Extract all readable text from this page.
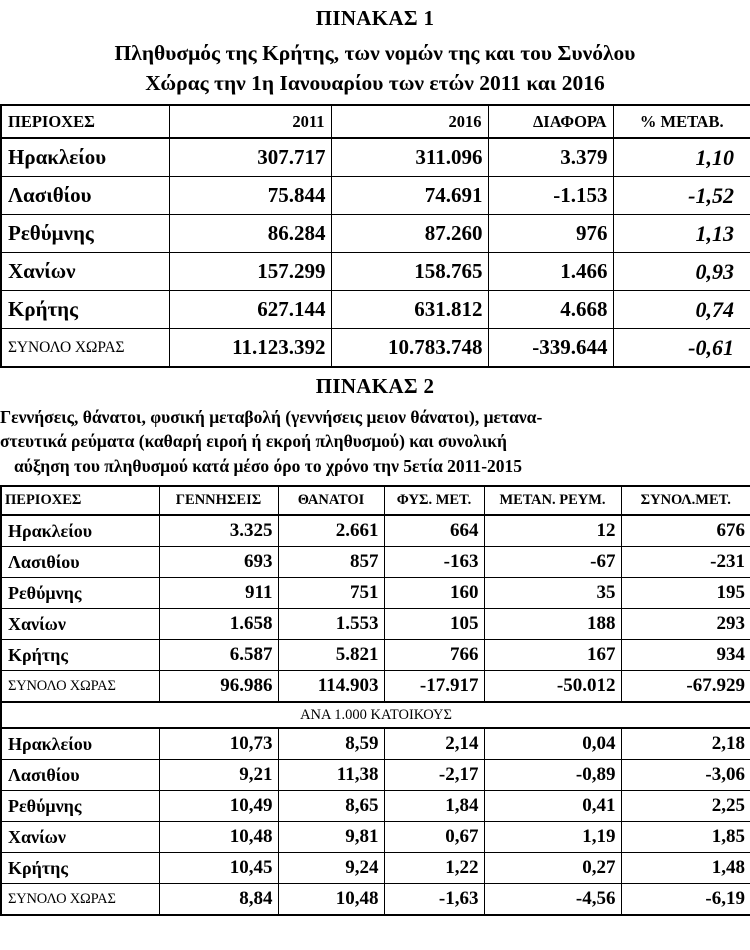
ΠΙΝΑΚΑΣ 1
Πληθυσμός της Κρήτης, των νομών της και του Συνόλου
Χώρας την 1η Ιανουαρίου των ετών 2011 και 2016
ΠΕΡΙΟΧΕΣ	2011	2016	ΔΙΑΦΟΡΑ	% ΜΕΤΑΒ.
Ηρακλείου	307.717	311.096	3.379	1,10
Λασιθίου	75.844	74.691	-1.153	-1,52
Ρεθύμνης	86.284	87.260	976	1,13
Χανίων	157.299	158.765	1.466	0,93
Κρήτης	627.144	631.812	4.668	0,74
ΣΥΝΟΛΟ ΧΩΡΑΣ	11.123.392	10.783.748	-339.644	-0,61
ΠΙΝΑΚΑΣ 2
Γεννήσεις, θάνατοι, φυσική μεταβολή (γεννήσεις μειον θάνατοι), μετανα-
στευτικά ρεύματα (καθαρή ειροή ή εκροή πληθυσμού) και συνολική
αύξηση του πληθυσμού κατά μέσο όρο το χρόνο την 5ετία 2011-2015
ΠΕΡΙΟΧΕΣ	ΓΕΝΝΗΣΕΙΣ	ΘΑΝΑΤΟΙ	ΦΥΣ. ΜΕΤ.	ΜΕΤΑΝ. ΡΕΥΜ.	ΣΥΝΟΛ.ΜΕΤ.
Ηρακλείου	3.325	2.661	664	12	676
Λασιθίου	693	857	-163	-67	-231
Ρεθύμνης	911	751	160	35	195
Χανίων	1.658	1.553	105	188	293
Κρήτης	6.587	5.821	766	167	934
ΣΥΝΟΛΟ ΧΩΡΑΣ	96.986	114.903	-17.917	-50.012	-67.929
ΑΝΑ 1.000 ΚΑΤΟΙΚΟΥΣ					
Ηρακλείου	10,73	8,59	2,14	0,04	2,18
Λασιθίου	9,21	11,38	-2,17	-0,89	-3,06
Ρεθύμνης	10,49	8,65	1,84	0,41	2,25
Χανίων	10,48	9,81	0,67	1,19	1,85
Κρήτης	10,45	9,24	1,22	0,27	1,48
ΣΥΝΟΛΟ ΧΩΡΑΣ	8,84	10,48	-1,63	-4,56	-6,19
